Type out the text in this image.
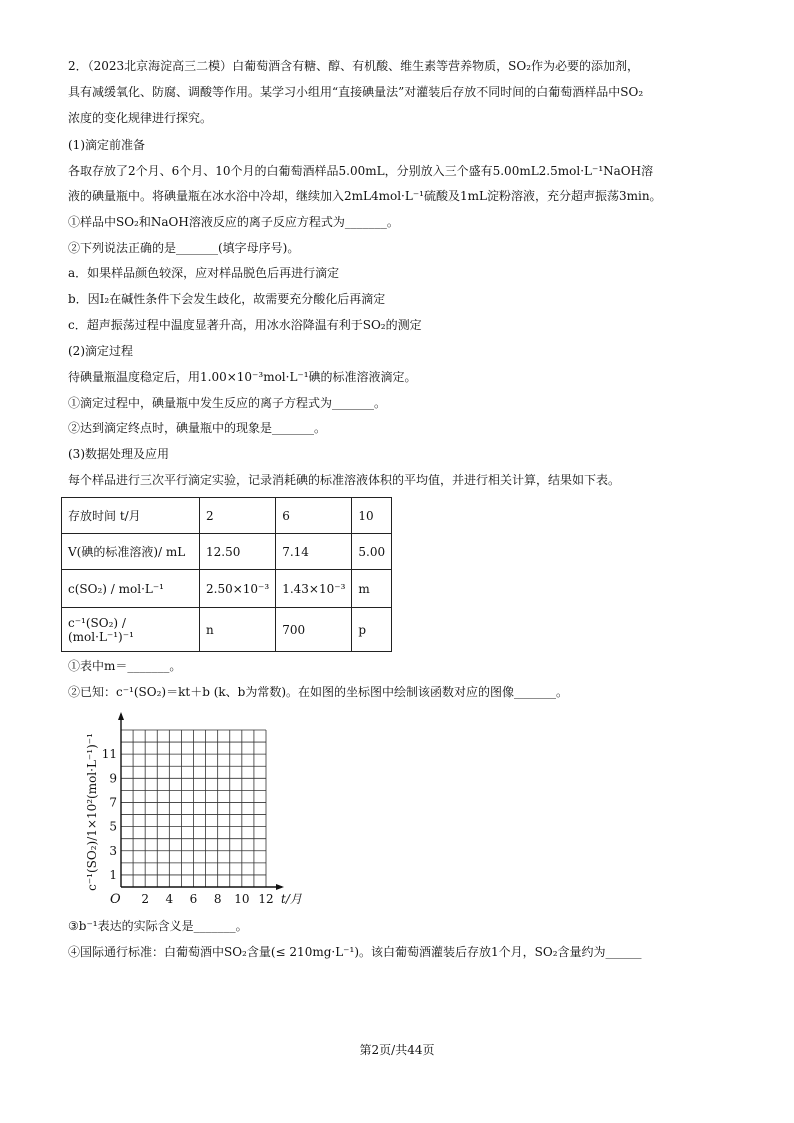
2．（2023北京海淀高三二模）白葡萄酒含有糖、醇、有机酸、维生素等营养物质，SO₂作为必要的添加剂，
具有减缓氧化、防腐、调酸等作用。某学习小组用“直接碘量法”对灌装后存放不同时间的白葡萄酒样品中SO₂
浓度的变化规律进行探究。
(1)滴定前准备
各取存放了2个月、6个月、10个月的白葡萄酒样品5.00mL，分别放入三个盛有5.00mL2.5mol·L⁻¹NaOH溶
液的碘量瓶中。将碘量瓶在冰水浴中冷却，继续加入2mL4mol·L⁻¹硫酸及1mL淀粉溶液，充分超声振荡3min。
①样品中SO₂和NaOH溶液反应的离子反应方程式为_______。
②下列说法正确的是_______(填字母序号)。
a．如果样品颜色较深，应对样品脱色后再进行滴定
b．因I₂在碱性条件下会发生歧化，故需要充分酸化后再滴定
c．超声振荡过程中温度显著升高，用冰水浴降温有利于SO₂的测定
(2)滴定过程
待碘量瓶温度稳定后，用1.00×10⁻³mol·L⁻¹碘的标准溶液滴定。
①滴定过程中，碘量瓶中发生反应的离子方程式为_______。
②达到滴定终点时，碘量瓶中的现象是_______。
(3)数据处理及应用
每个样品进行三次平行滴定实验，记录消耗碘的标准溶液体积的平均值，并进行相关计算，结果如下表。
存放时间 t/月	2	6	10
V(碘的标准溶液)/ mL	12.50	7.14	5.00
c(SO₂) / mol·L⁻¹	2.50×10⁻³	1.43×10⁻³	m
c⁻¹(SO₂) / (mol·L⁻¹)⁻¹	n	700	p
①表中m＝_______。
②已知：c⁻¹(SO₂)＝kt＋b (k、b为常数)。在如图的坐标图中绘制该函数对应的图像_______。
1
3
5
7
9
11
2 4 6 8 10 12
c⁻¹(SO₂)/1×10²(mol·L⁻¹)⁻¹
t/月
O
③b⁻¹表达的实际含义是_______。
④国际通行标准：白葡萄酒中SO₂含量(≤ 210mg·L⁻¹)。该白葡萄酒灌装后存放1个月，SO₂含量约为______
第2页/共44页
